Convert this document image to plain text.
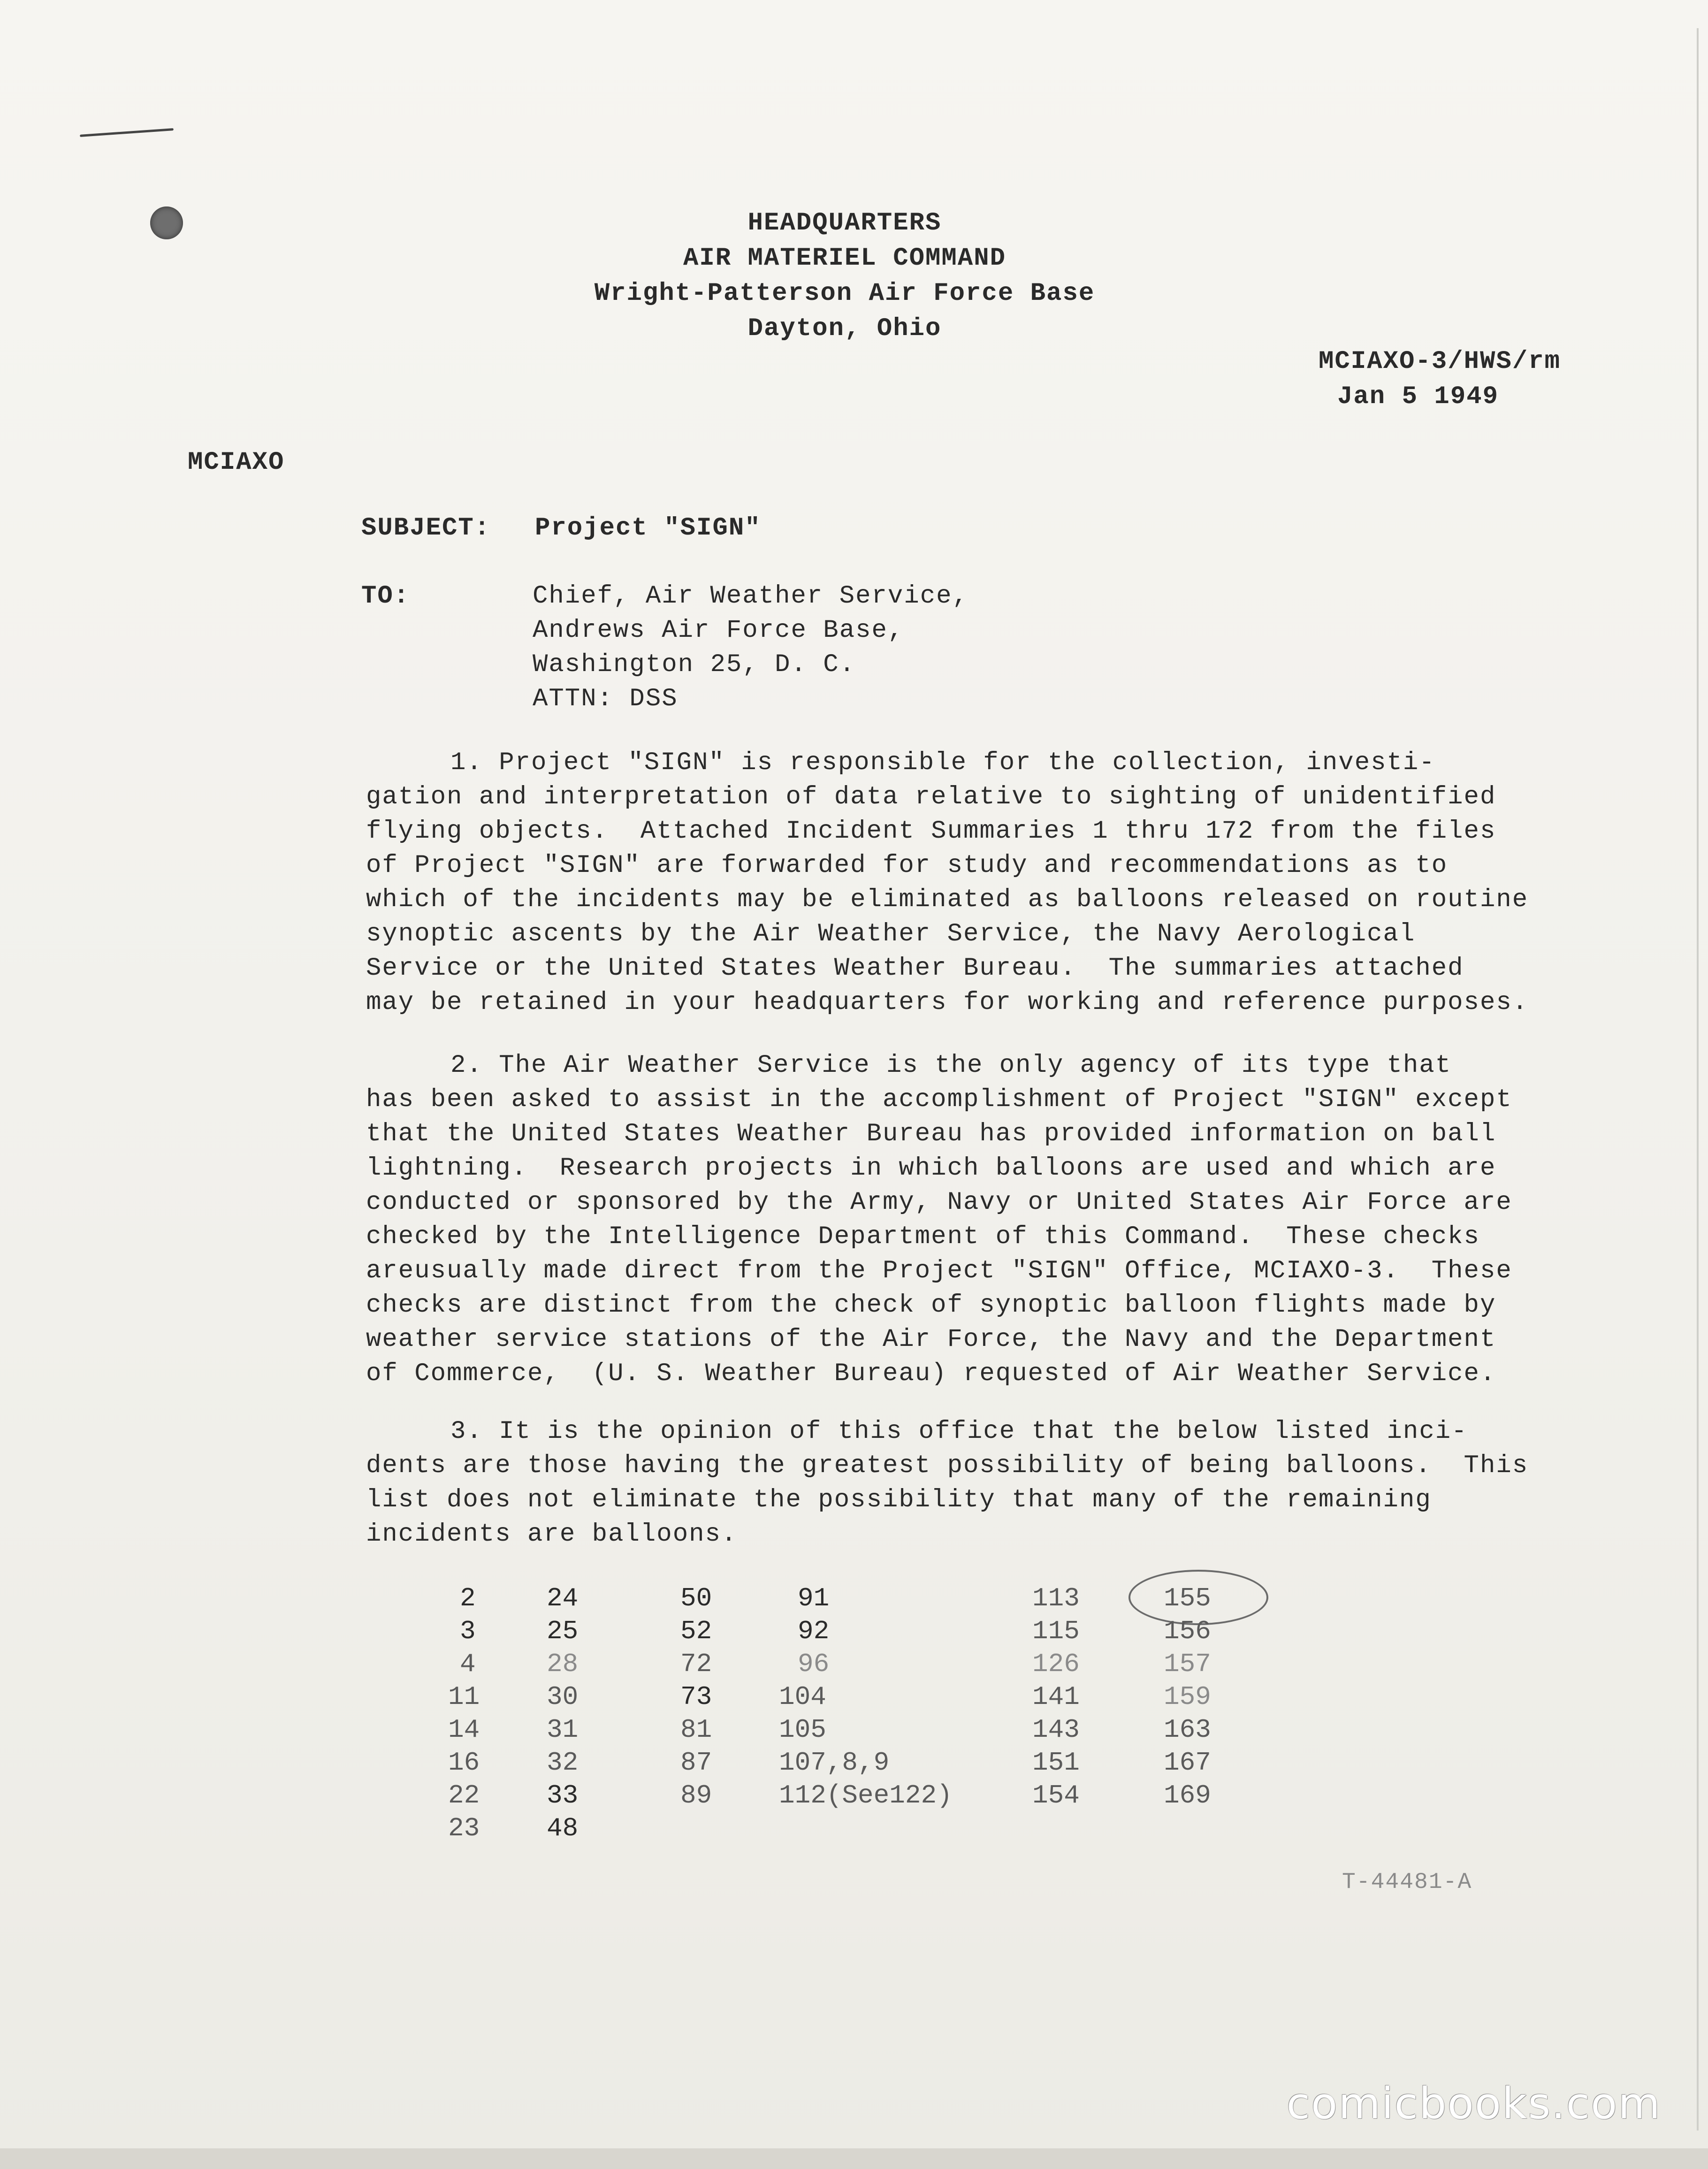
HEADQUARTERS
AIR MATERIEL COMMAND
Wright-Patterson Air Force Base
Dayton, Ohio
MCIAXO-3/HWS/rm
Jan 5 1949
MCIAXO
SUBJECT: Project "SIGN"
TO:	Chief, Air Weather Service,
Andrews Air Force Base,
Washington 25, D. C.
ATTN: DSS
1. Project "SIGN" is responsible for the collection, investi-
gation and interpretation of data relative to sighting of unidentified
flying objects.  Attached Incident Summaries 1 thru 172 from the files
of Project "SIGN" are forwarded for study and recommendations as to
which of the incidents may be eliminated as balloons released on routine
synoptic ascents by the Air Weather Service, the Navy Aerological
Service or the United States Weather Bureau.  The summaries attached
may be retained in your headquarters for working and reference purposes.
2. The Air Weather Service is the only agency of its type that
has been asked to assist in the accomplishment of Project "SIGN" except
that the United States Weather Bureau has provided information on ball
lightning.  Research projects in which balloons are used and which are
conducted or sponsored by the Army, Navy or United States Air Force are
checked by the Intelligence Department of this Command.  These checks
areusually made direct from the Project "SIGN" Office, MCIAXO-3.  These
checks are distinct from the check of synoptic balloon flights made by
weather service stations of the Air Force, the Navy and the Department
of Commerce,  (U. S. Weather Bureau) requested of Air Weather Service.
3. It is the opinion of this office that the below listed inci-
dents are those having the greatest possibility of being balloons.  This
list does not eliminate the possibility that many of the remaining
incidents are balloons.
2
3
4
11
14
16
22
23
24
25
28
30
31
32
33
48
50
52
72
73
81
87
89
91
92
96
104
105
107,8,9
112(See122)
113
115
126
141
143
151
154
155
156
157
159
163
167
169
T-44481-A
comicbooks.com
